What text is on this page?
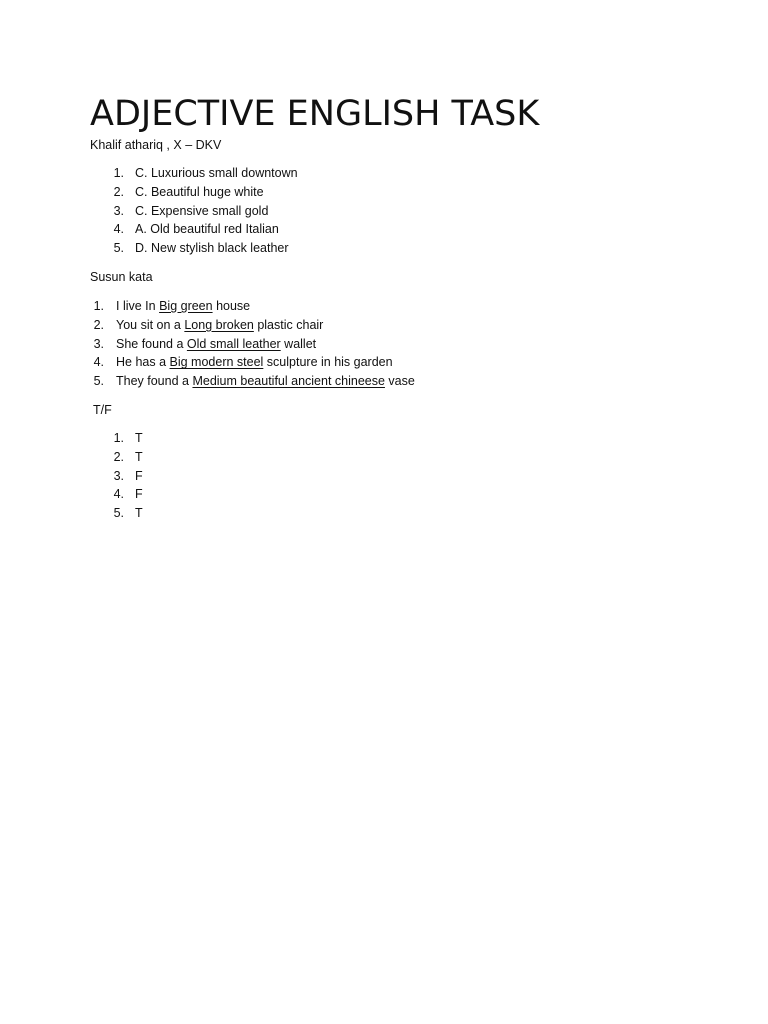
ADJECTIVE ENGLISH TASK
Khalif athariq , X – DKV
1. C. Luxurious small downtown
2. C. Beautiful huge white
3. C. Expensive small gold
4. A. Old beautiful red Italian
5. D. New stylish black leather
Susun kata
1. I live In Big green house
2. You sit on a Long broken plastic chair
3. She found a Old small leather wallet
4. He has a Big modern steel sculpture in his garden
5. They found a Medium beautiful ancient chineese vase
T/F
1. T
2. T
3. F
4. F
5. T
